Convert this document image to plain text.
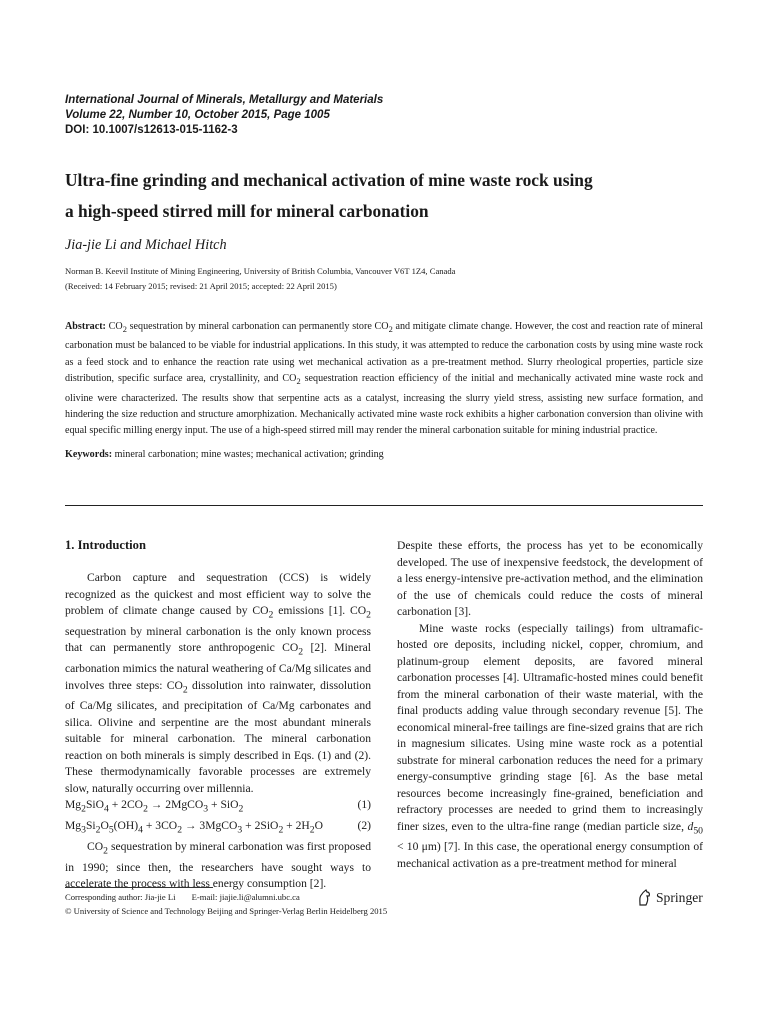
International Journal of Minerals, Metallurgy and Materials
Volume 22, Number 10, October 2015, Page 1005
DOI: 10.1007/s12613-015-1162-3
Ultra-fine grinding and mechanical activation of mine waste rock using
a high-speed stirred mill for mineral carbonation
Jia-jie Li and Michael Hitch
Norman B. Keevil Institute of Mining Engineering, University of British Columbia, Vancouver V6T 1Z4, Canada
(Received: 14 February 2015; revised: 21 April 2015; accepted: 22 April 2015)
Abstract: $CO_2$ sequestration by mineral carbonation can permanently store $CO_2$ and mitigate climate change. However, the cost and reaction rate of mineral carbonation must be balanced to be viable for industrial applications. In this study, it was attempted to reduce the carbonation costs by using mine waste rock as a feed stock and to enhance the reaction rate using wet mechanical activation as a pre-treatment method. Slurry rheological properties, particle size distribution, specific surface area, crystallinity, and $CO_2$ sequestration reaction efficiency of the initial and mechanically activated mine waste rock and olivine were characterized. The results show that serpentine acts as a catalyst, increasing the slurry yield stress, assisting new surface formation, and hindering the size reduction and structure amorphization. Mechanically activated mine waste rock exhibits a higher carbonation conversion than olivine with equal specific milling energy input. The use of a high-speed stirred mill may render the mineral carbonation suitable for mining industrial practice.
Keywords: mineral carbonation; mine wastes; mechanical activation; grinding
1. Introduction

Carbon capture and sequestration (CCS) is widely recognized as the quickest and most efficient way to solve the problem of climate change caused by $CO_2$ emissions [1]. $CO_2$ sequestration by mineral carbonation is the only known process that can permanently store anthropogenic $CO_2$ [2]. Mineral carbonation mimics the natural weathering of Ca/Mg silicates and involves three steps: $CO_2$ dissolution into rainwater, dissolution of Ca/Mg silicates, and precipitation of Ca/Mg carbonates and silica. Olivine and serpentine are the most abundant minerals suitable for mineral carbonation. The mineral carbonation reaction on both minerals is simply described in Eqs. (1) and (2). These thermodynamically favorable processes are extremely slow, naturally occurring over millennia.

$Mg_2SiO_4 + 2CO_2$ → 2MgCO$_3$ + SiO$_2$	(1)
$Mg_3Si_2O_5(OH)_4 + 3CO_2$ → 3MgCO$_3$ + $2SiO_2 + 2H_2O$	(2)

$CO_2$ sequestration by mineral carbonation was first proposed in 1990; since then, the researchers have sought ways to accelerate the process with less energy consumption [2].

Despite these efforts, the process has yet to be economically developed. The use of inexpensive feedstock, the development of a less energy-intensive pre-activation method, and the elimination of the use of chemicals could reduce the costs of mineral carbonation [3].

Mine waste rocks (especially tailings) from ultramafic-hosted ore deposits, including nickel, copper, chromium, and platinum-group element deposits, are favored mineral carbonation processes [4]. Ultramafic-hosted mines could benefit from the mineral carbonation of their waste material, with the final products adding value through secondary revenue [5]. The economical mineral-free tailings are fine-sized grains that are rich in magnesium silicates. Using mine waste rock as a potential substrate for mineral carbonation reduces the need for a primary energy-consumptive grinding stage [6]. As the base metal resources become increasingly fine-grained, beneficiation and refractory processes are needed to grind them to increasingly finer sizes, even to the ultra-fine range (median particle size, $d_{50} < 10$ μm) [7]. In this case, the operational energy consumption of mechanical activation as a pre-treatment method for mineral

Corresponding author: Jia-jie Li E-mail: jiajie.li@alumni.ubc.ca
© University of Science and Technology Beijing and Springer-Verlag Berlin Heidelberg 2015
Springer
